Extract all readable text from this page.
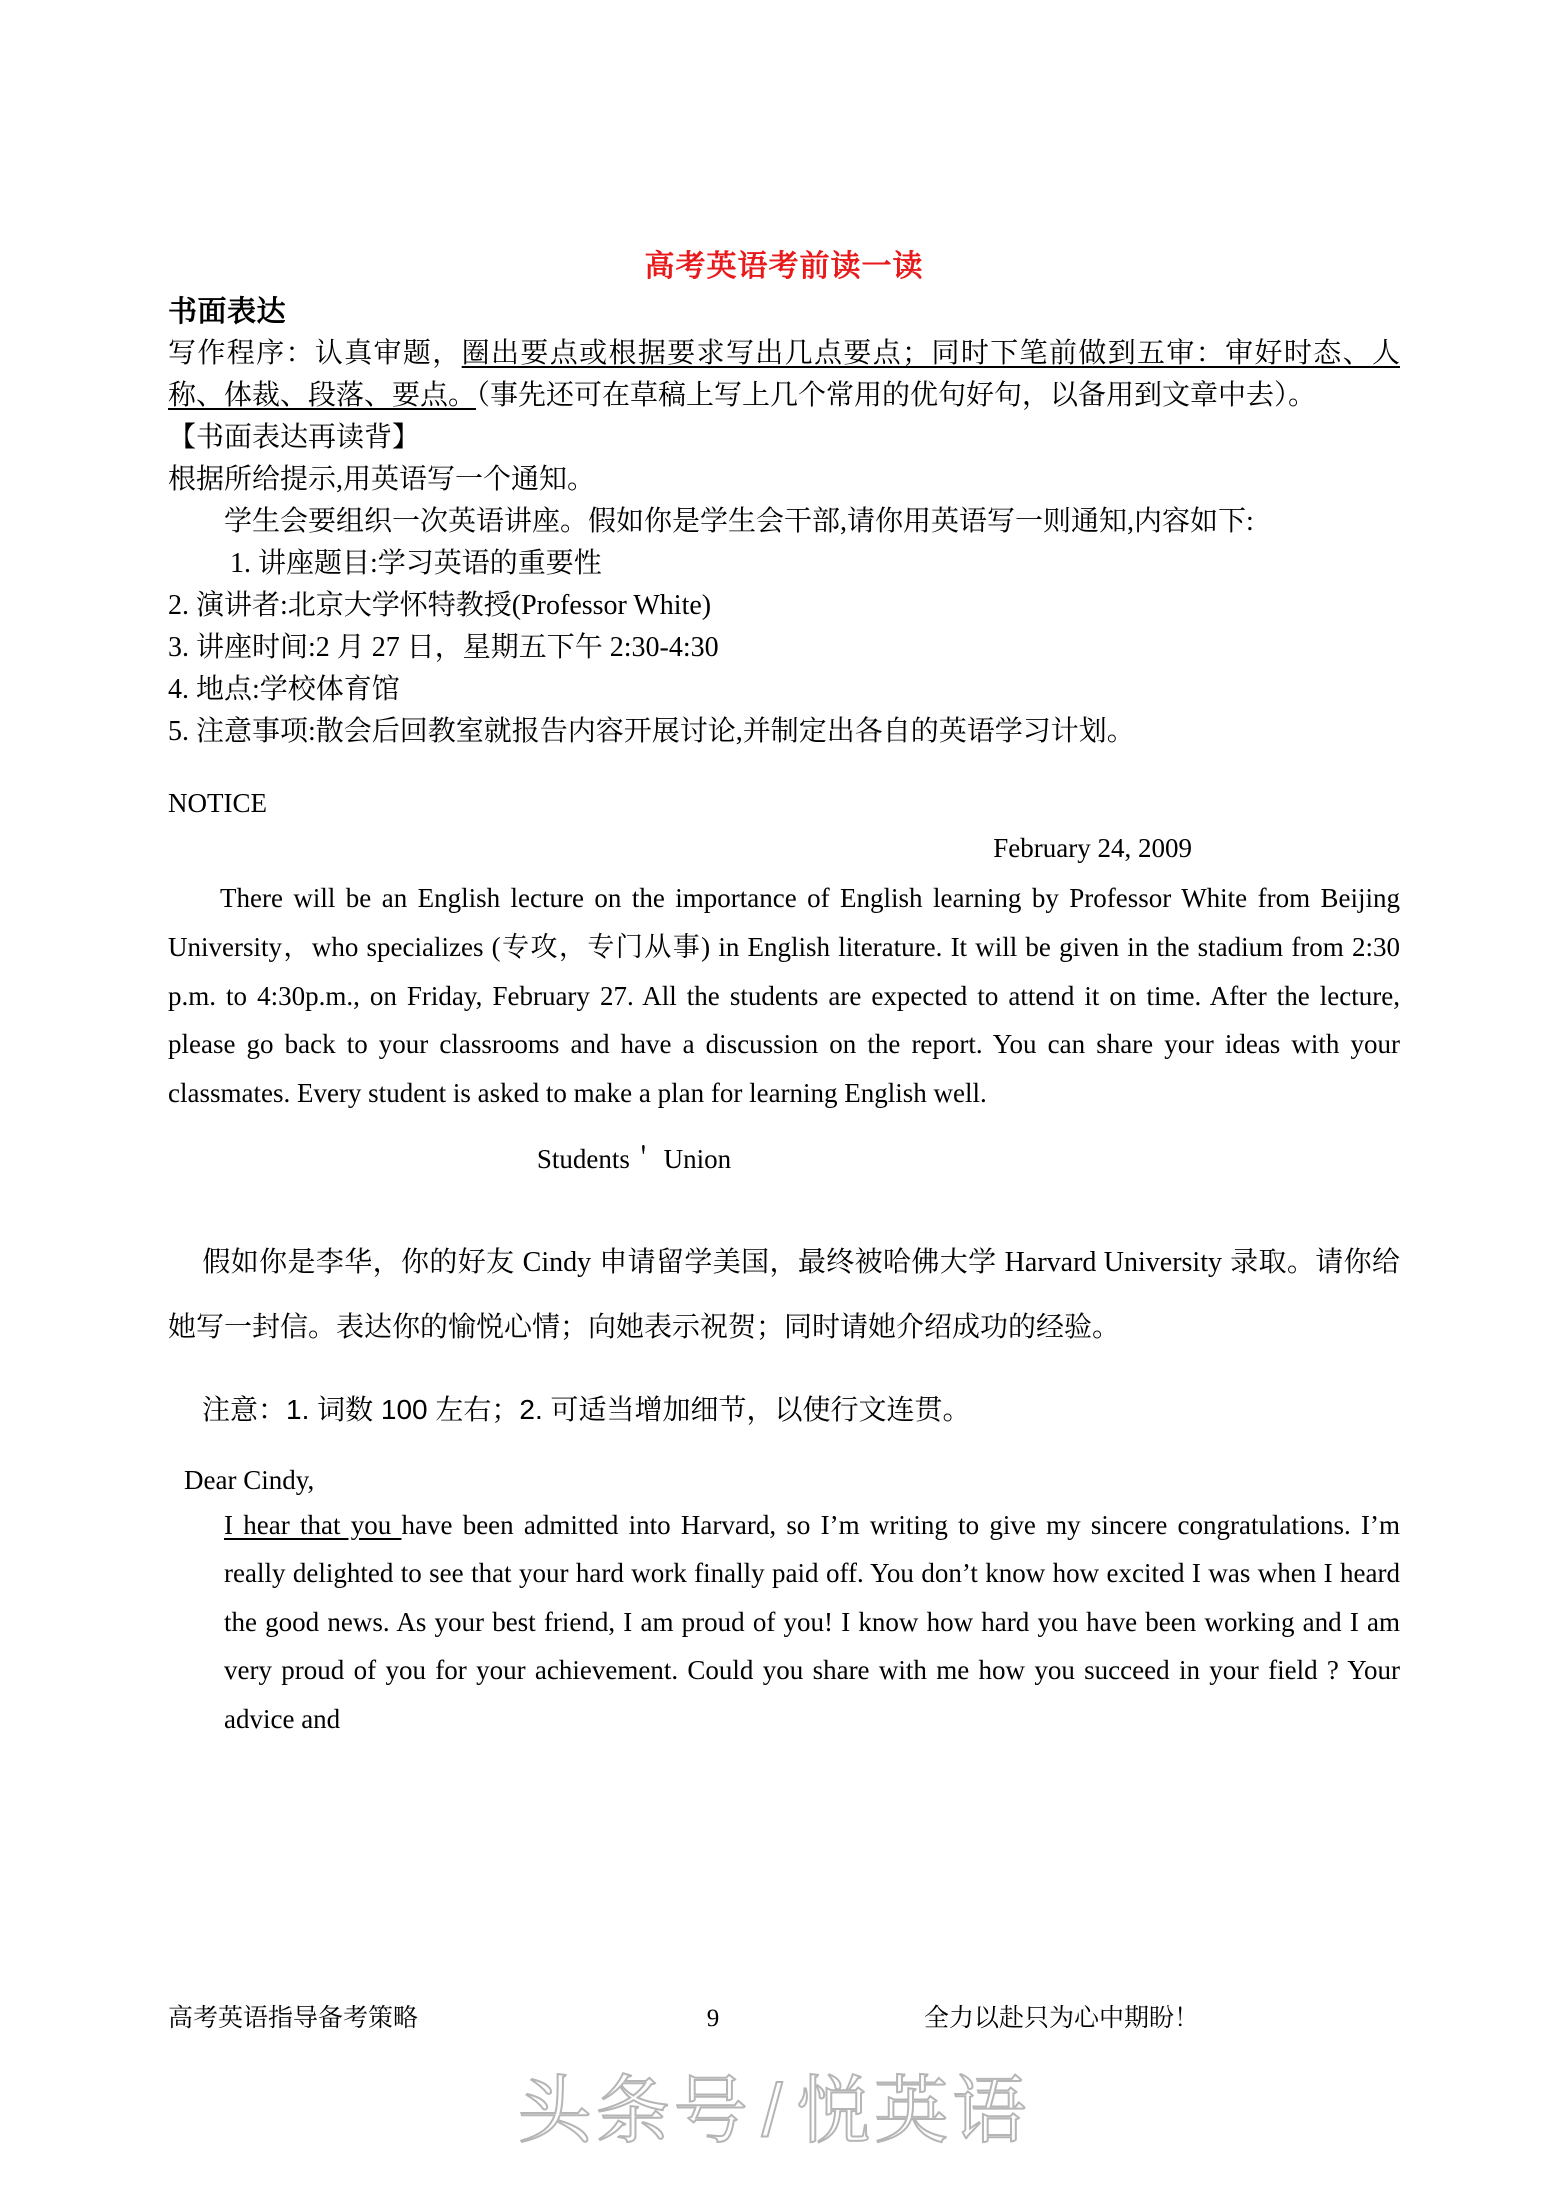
高考英语考前读一读

书面表达

写作程序：认真审题，圈出要点或根据要求写出几点要点；同时下笔前做到五审：审好时态、人称、体裁、段落、要点。（事先还可在草稿上写上几个常用的优句好句，以备用到文章中去）。

【书面表达再读背】

根据所给提示,用英语写一个通知。

学生会要组织一次英语讲座。假如你是学生会干部,请你用英语写一则通知,内容如下:

1. 讲座题目:学习英语的重要性

2. 演讲者:北京大学怀特教授(Professor White)

3. 讲座时间:2 月 27 日，星期五下午 2:30-4:30

4. 地点:学校体育馆

5. 注意事项:散会后回教室就报告内容开展讨论,并制定出各自的英语学习计划。

NOTICE

February 24, 2009

There will be an English lecture on the importance of English learning by Professor White from Beijing University，who specializes (专攻，专门从事) in English literature. It will be given in the stadium from 2:30 p.m. to 4:30p.m., on Friday, February 27. All the students are expected to attend it on time. After the lecture, please go back to your classrooms and have a discussion on the report. You can share your ideas with your classmates. Every student is asked to make a plan for learning English well.

Students＇ Union

假如你是李华，你的好友 Cindy 申请留学美国，最终被哈佛大学 Harvard University 录取。请你给她写一封信。表达你的愉悦心情；向她表示祝贺；同时请她介绍成功的经验。

注意：1. 词数 100 左右；2. 可适当增加细节，以使行文连贯。

Dear Cindy,

I hear that you have been admitted into Harvard, so I’m writing to give my sincere congratulations. I’m really delighted to see that your hard work finally paid off. You don’t know how excited I was when I heard the good news. As your best friend, I am proud of you! I know how hard you have been working and I am very proud of you for your achievement. Could you share with me how you succeed in your field ? Your advice and

高考英语指导备考策略	9	全力以赴只为心中期盼！
头条号 / 悦英语
